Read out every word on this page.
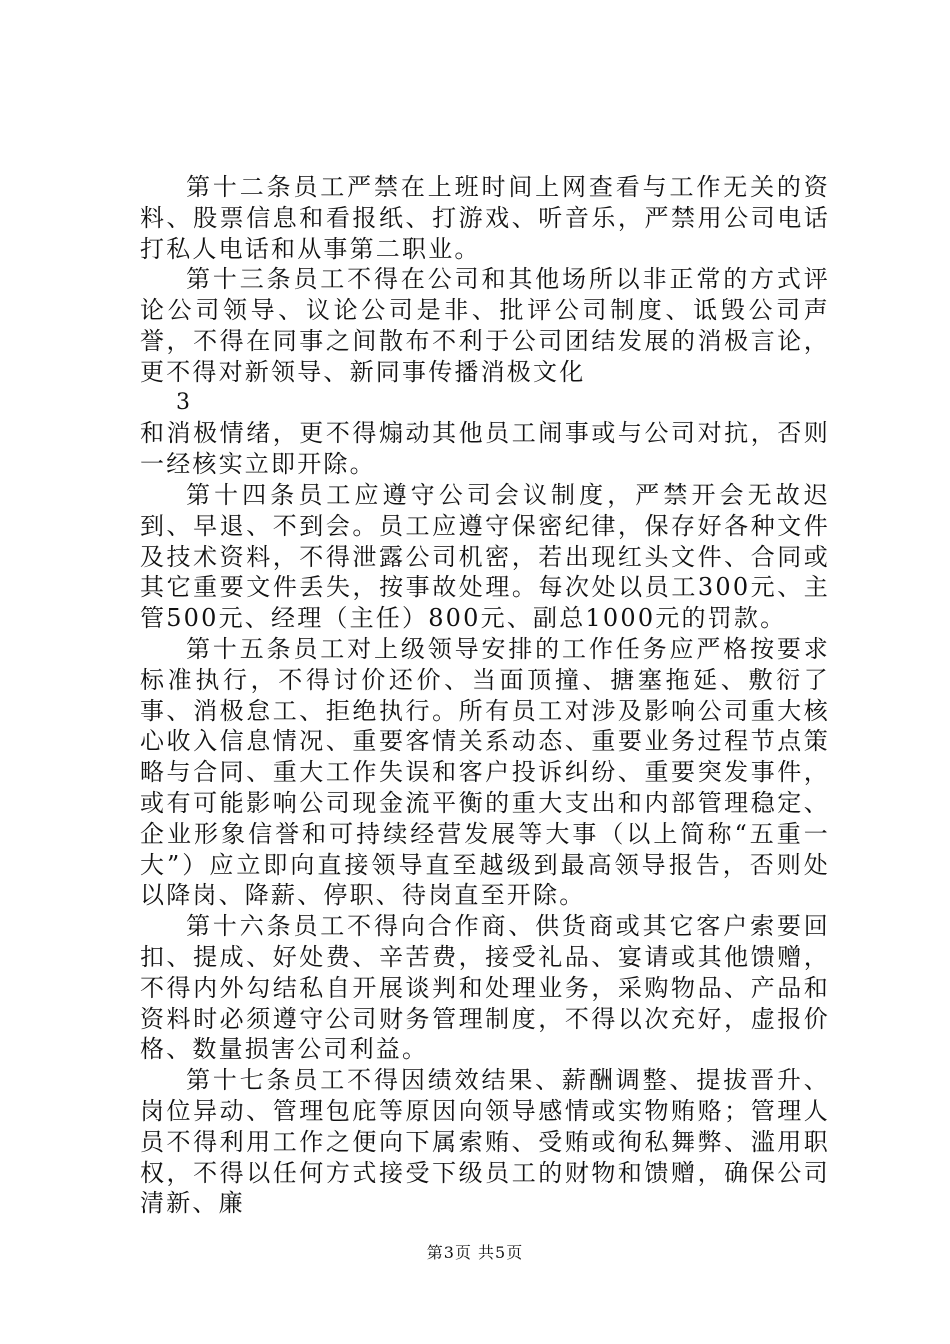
第十二条员工严禁在上班时间上网查看与工作无关的资料、股票信息和看报纸、打游戏、听音乐，严禁用公司电话打私人电话和从事第二职业。

第十三条员工不得在公司和其他场所以非正常的方式评论公司领导、议论公司是非、批评公司制度、诋毁公司声誉，不得在同事之间散布不利于公司团结发展的消极言论，更不得对新领导、新同事传播消极文化

3

和消极情绪，更不得煽动其他员工闹事或与公司对抗，否则一经核实立即开除。

第十四条员工应遵守公司会议制度，严禁开会无故迟到、早退、不到会。员工应遵守保密纪律，保存好各种文件及技术资料，不得泄露公司机密，若出现红头文件、合同或其它重要文件丢失，按事故处理。每次处以员工300元、主管500元、经理（主任）800元、副总1000元的罚款。

第十五条员工对上级领导安排的工作任务应严格按要求标准执行，不得讨价还价、当面顶撞、搪塞拖延、敷衍了事、消极怠工、拒绝执行。所有员工对涉及影响公司重大核心收入信息情况、重要客情关系动态、重要业务过程节点策略与合同、重大工作失误和客户投诉纠纷、重要突发事件，或有可能影响公司现金流平衡的重大支出和内部管理稳定、企业形象信誉和可持续经营发展等大事（以上简称“五重一大”）应立即向直接领导直至越级到最高领导报告，否则处以降岗、降薪、停职、待岗直至开除。

第十六条员工不得向合作商、供货商或其它客户索要回扣、提成、好处费、辛苦费，接受礼品、宴请或其他馈赠，不得内外勾结私自开展谈判和处理业务，采购物品、产品和资料时必须遵守公司财务管理制度，不得以次充好，虚报价格、数量损害公司利益。

第十七条员工不得因绩效结果、薪酬调整、提拔晋升、岗位异动、管理包庇等原因向领导感情或实物贿赂；管理人员不得利用工作之便向下属索贿、受贿或徇私舞弊、滥用职权，不得以任何方式接受下级员工的财物和馈赠，确保公司清新、廉

第3页 共5页
